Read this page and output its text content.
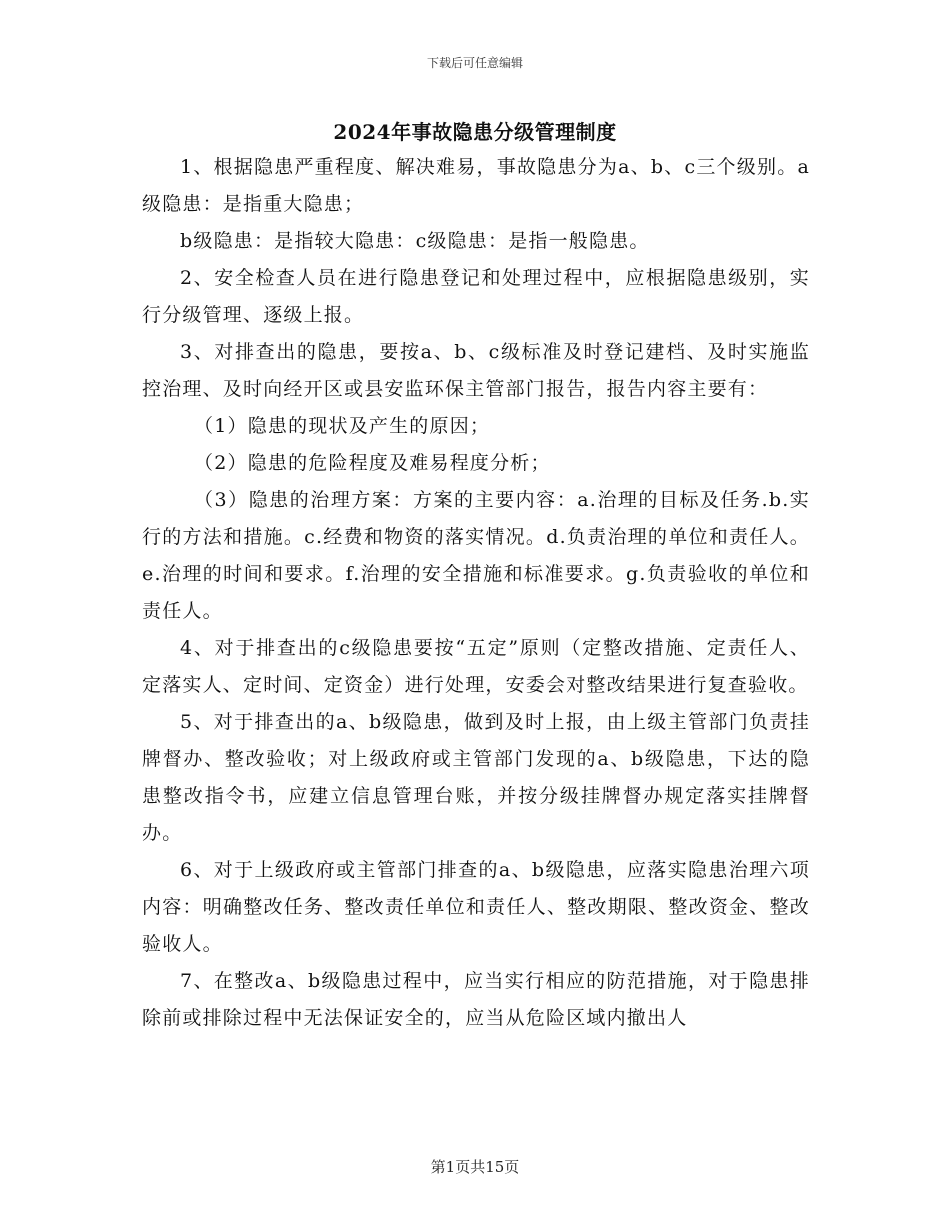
下载后可任意编辑
2024年事故隐患分级管理制度

1、根据隐患严重程度、解决难易，事故隐患分为a、b、c三个级别。a级隐患：是指重大隐患；

b级隐患：是指较大隐患：c级隐患：是指一般隐患。

2、安全检查人员在进行隐患登记和处理过程中，应根据隐患级别，实行分级管理、逐级上报。

3、对排查出的隐患，要按a、b、c级标准及时登记建档、及时实施监控治理、及时向经开区或县安监环保主管部门报告，报告内容主要有：

（1）隐患的现状及产生的原因；

（2）隐患的危险程度及难易程度分析；

（3）隐患的治理方案：方案的主要内容：a.治理的目标及任务.b.实行的方法和措施。c.经费和物资的落实情况。d.负责治理的单位和责任人。e.治理的时间和要求。f.治理的安全措施和标准要求。g.负责验收的单位和责任人。

4、对于排查出的c级隐患要按“五定”原则（定整改措施、定责任人、定落实人、定时间、定资金）进行处理，安委会对整改结果进行复查验收。

5、对于排查出的a、b级隐患，做到及时上报，由上级主管部门负责挂牌督办、整改验收；对上级政府或主管部门发现的a、b级隐患，下达的隐患整改指令书，应建立信息管理台账，并按分级挂牌督办规定落实挂牌督办。

6、对于上级政府或主管部门排查的a、b级隐患，应落实隐患治理六项内容：明确整改任务、整改责任单位和责任人、整改期限、整改资金、整改验收人。

7、在整改a、b级隐患过程中，应当实行相应的防范措施，对于隐患排除前或排除过程中无法保证安全的，应当从危险区域内撤出人

第1页共15页
